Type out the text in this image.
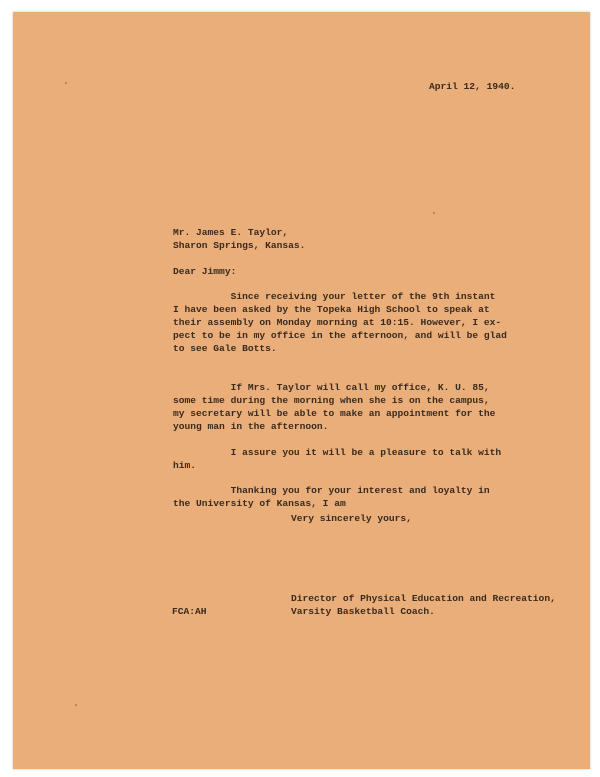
April 12, 1940.
Mr. James E. Taylor,
Sharon Springs, Kansas.
Dear Jimmy:
Since receiving your letter of the 9th instant
I have been asked by the Topeka High School to speak at
their assembly on Monday morning at 10:15. However, I ex-
pect to be in my office in the afternoon, and will be glad
to see Gale Botts.
If Mrs. Taylor will call my office, K. U. 85,
some time during the morning when she is on the campus,
my secretary will be able to make an appointment for the
young man in the afternoon.
I assure you it will be a pleasure to talk with
him.
Thanking you for your interest and loyalty in
the University of Kansas, I am
Very sincerely yours,
Director of Physical Education and Recreation,
Varsity Basketball Coach.
FCA:AH
